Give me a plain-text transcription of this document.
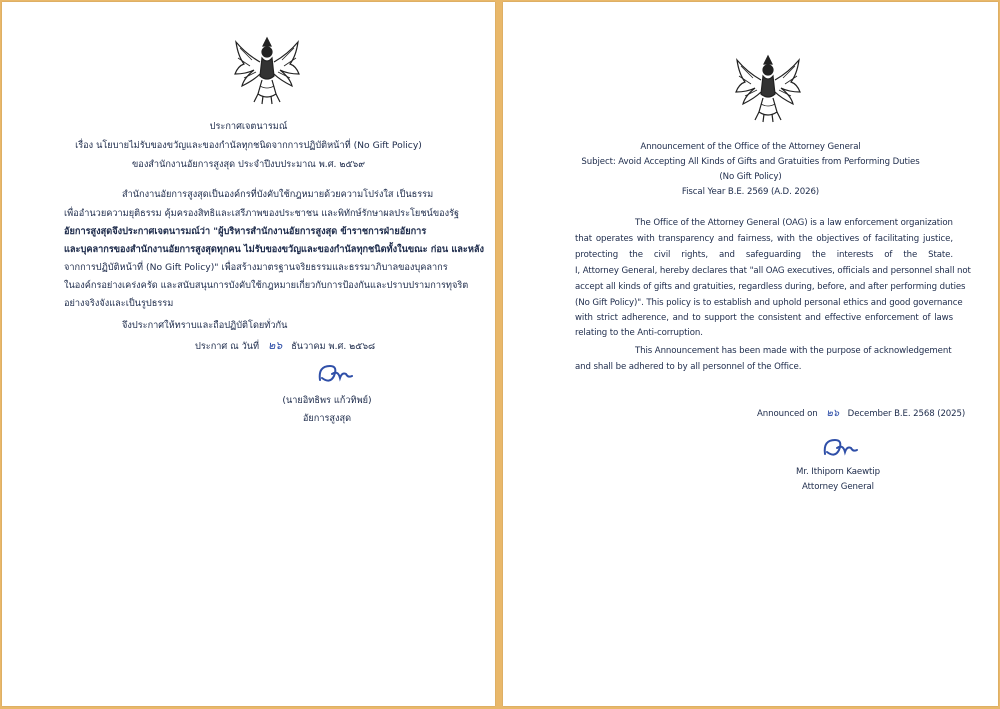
ประกาศเจตนารมณ์
เรื่อง นโยบายไม่รับของขวัญและของกำนัลทุกชนิดจากการปฏิบัติหน้าที่ (No Gift Policy)
ของสำนักงานอัยการสูงสุด ประจำปีงบประมาณ พ.ศ. ๒๕๖๙
สำนักงานอัยการสูงสุดเป็นองค์กรที่บังคับใช้กฎหมายด้วยความโปร่งใส เป็นธรรม
เพื่ออำนวยความยุติธรรม คุ้มครองสิทธิและเสรีภาพของประชาชน และพิทักษ์รักษาผลประโยชน์ของรัฐ
อัยการสูงสุดจึงประกาศเจตนารมณ์ว่า "ผู้บริหารสำนักงานอัยการสูงสุด ข้าราชการฝ่ายอัยการ
และบุคลากรของสำนักงานอัยการสูงสุดทุกคน ไม่รับของขวัญและของกำนัลทุกชนิดทั้งในขณะ ก่อน และหลัง
จากการปฏิบัติหน้าที่ (No Gift Policy)" เพื่อสร้างมาตรฐานจริยธรรมและธรรมาภิบาลของบุคลากร
ในองค์กรอย่างเคร่งครัด และสนับสนุนการบังคับใช้กฎหมายเกี่ยวกับการป้องกันและปราบปรามการทุจริต
อย่างจริงจังและเป็นรูปธรรม
จึงประกาศให้ทราบและถือปฏิบัติโดยทั่วกัน
ประกาศ ณ วันที่ ๒๖ ธันวาคม พ.ศ. ๒๕๖๘
(นายอิทธิพร แก้วทิพย์)
อัยการสูงสุด
Announcement of the Office of the Attorney General
Subject: Avoid Accepting All Kinds of Gifts and Gratuities from Performing Duties
(No Gift Policy)
Fiscal Year B.E. 2569 (A.D. 2026)
The Office of the Attorney General (OAG) is a law enforcement organization
that operates with transparency and fairness, with the objectives of facilitating justice,
protecting the civil rights, and safeguarding the interests of the State.
I, Attorney General, hereby declares that "all OAG executives, officials and personnel shall not
accept all kinds of gifts and gratuities, regardless during, before, and after performing duties
(No Gift Policy)". This policy is to establish and uphold personal ethics and good governance
with strict adherence, and to support the consistent and effective enforcement of laws
relating to the Anti-corruption.
This Announcement has been made with the purpose of acknowledgement
and shall be adhered to by all personnel of the Office.
Announced on ๒๖ December B.E. 2568 (2025)
Mr. Ithiporn Kaewtip
Attorney General
